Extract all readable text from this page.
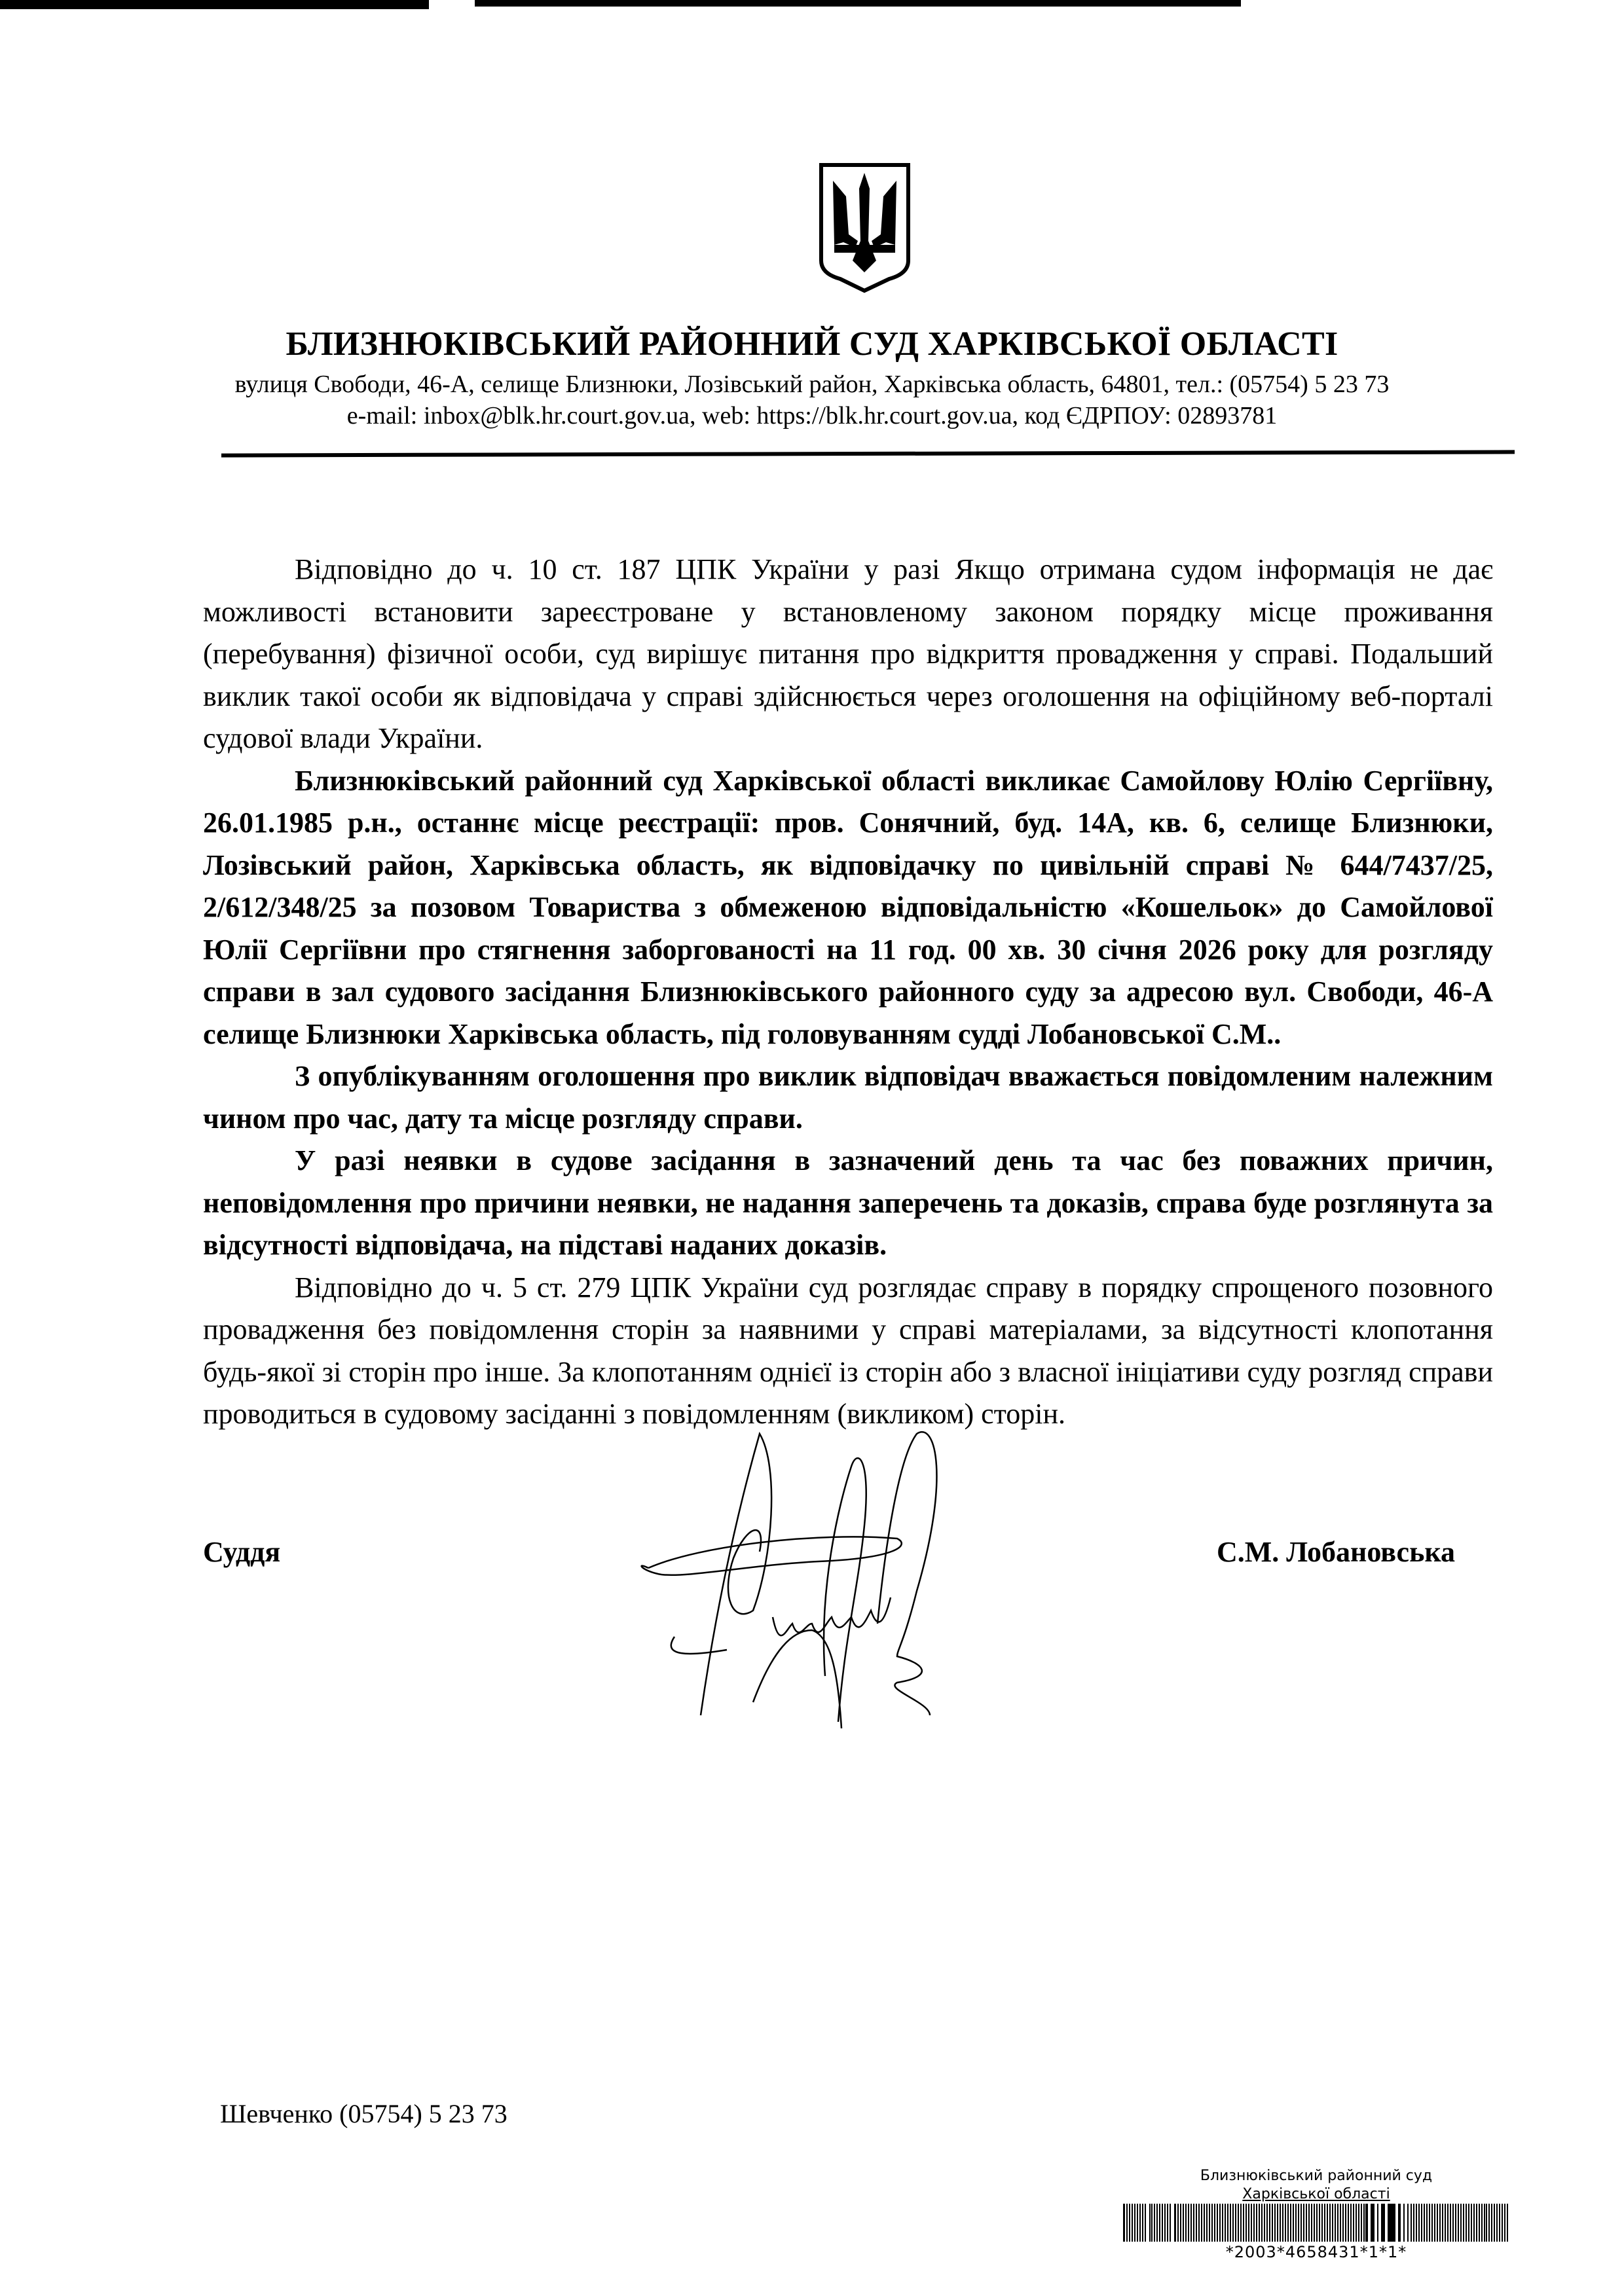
БЛИЗНЮКІВСЬКИЙ РАЙОННИЙ СУД ХАРКІВСЬКОЇ ОБЛАСТІ
вулиця Свободи, 46-А, селище Близнюки, Лозівський район, Харківська область, 64801, тел.: (05754) 5 23 73
e-mail: inbox@blk.hr.court.gov.ua, web: https://blk.hr.court.gov.ua, код ЄДРПОУ: 02893781

Відповідно до ч. 10 ст. 187 ЦПК України у разі Якщо отримана судом інформація не дає можливості встановити зареєстроване у встановленому законом порядку місце проживання (перебування) фізичної особи, суд вирішує питання про відкриття провадження у справі. Подальший виклик такої особи як відповідача у справі здійснюється через оголошення на офіційному веб-порталі судової влади України.

Близнюківський районний суд Харківської області викликає Самойлову Юлію Сергіївну, 26.01.1985 р.н., останнє місце реєстрації: пров. Сонячний, буд. 14А, кв. 6, селище Близнюки, Лозівський район, Харківська область, як відповідачку по цивільній справі № 644/7437/25, 2/612/348/25 за позовом Товариства з обмеженою відповідальністю «Кошельок» до Самойлової Юлії Сергіївни про стягнення заборгованості на 11 год. 00 хв. 30 січня 2026 року для розгляду справи в зал судового засідання Близнюківського районного суду за адресою вул. Свободи, 46-А селище Близнюки Харківська область, під головуванням судді Лобановської С.М..

З опублікуванням оголошення про виклик відповідач вважається повідомленим належним чином про час, дату та місце розгляду справи.

У разі неявки в судове засідання в зазначений день та час без поважних причин, неповідомлення про причини неявки, не надання заперечень та доказів, справа буде розглянута за відсутності відповідача, на підставі наданих доказів.

Відповідно до ч. 5 ст. 279 ЦПК України суд розглядає справу в порядку спрощеного позовного провадження без повідомлення сторін за наявними у справі матеріалами, за відсутності клопотання будь-якої зі сторін про інше. За клопотанням однієї із сторін або з власної ініціативи суду розгляд справи проводиться в судовому засіданні з повідомленням (викликом) сторін.

Суддя	С.М. Лобановська
Шевченко (05754) 5 23 73
Близнюківський районний суд
Харківської області
*2003*4658431*1*1*
